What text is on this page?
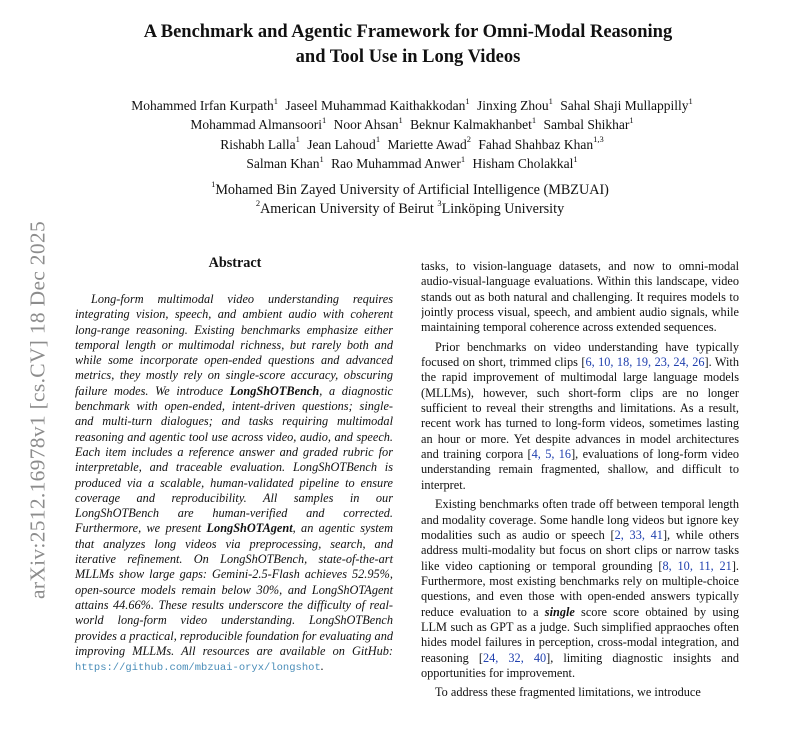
arXiv:2512.16978v1 [cs.CV] 18 Dec 2025
A Benchmark and Agentic Framework for Omni-Modal Reasoning
and Tool Use in Long Videos
Mohammed Irfan Kurpath$^1$ Jaseel Muhammad Kaithakkodan$^1$ Jinxing Zhou$^1$ Sahal Shaji Mullappilly$^1$
Mohammad Almansoori$^1$ Noor Ahsan$^1$ Beknur Kalmakhanbet$^1$ Sambal Shikhar$^1$
Rishabh Lalla$^1$ Jean Lahoud$^1$ Mariette Awad$^2$ Fahad Shahbaz Khan$^{1,3}$
Salman Khan$^1$ Rao Muhammad Anwer$^1$ Hisham Cholakkal$^1$
$^1$Mohamed Bin Zayed University of Artificial Intelligence (MBZUAI)
$^2$American University of Beirut $^3$Linköping University
Abstract

Long-form multimodal video understanding requires integrating vision, speech, and ambient audio with coherent long-range reasoning. Existing benchmarks emphasize either temporal length or multimodal richness, but rarely both and while some incorporate open-ended questions and advanced metrics, they mostly rely on single-score accuracy, obscuring failure modes. We introduce LongShOTBench, a diagnostic benchmark with open-ended, intent-driven questions; single- and multi-turn dialogues; and tasks requiring multimodal reasoning and agentic tool use across video, audio, and speech. Each item includes a reference answer and graded rubric for interpretable, and traceable evaluation. LongShOTBench is produced via a scalable, human-validated pipeline to ensure coverage and reproducibility. All samples in our LongShOTBench are human-verified and corrected. Furthermore, we present LongShOTAgent, an agentic system that analyzes long videos via preprocessing, search, and iterative refinement. On LongShOTBench, state-of-the-art MLLMs show large gaps: Gemini-2.5-Flash achieves 52.95%, open-source models remain below 30%, and LongShOTAgent attains 44.66%. These results underscore the difficulty of real-world long-form video understanding. LongShOTBench provides a practical, reproducible foundation for evaluating and improving MLLMs. All resources are available on GitHub: https://github.com/mbzuai-oryx/longshot.

tasks, to vision-language datasets, and now to omni-modal audio-visual-language evaluations. Within this landscape, video stands out as both natural and challenging. It requires models to jointly process visual, speech, and ambient audio signals, while maintaining temporal coherence across extended sequences.

Prior benchmarks on video understanding have typically focused on short, trimmed clips [6, 10, 18, 19, 23, 24, 26]. With the rapid improvement of multimodal large language models (MLLMs), however, such short-form clips are no longer sufficient to reveal their strengths and limitations. As a result, recent work has turned to long-form videos, sometimes lasting an hour or more. Yet despite advances in model architectures and training corpora [4, 5, 16], evaluations of long-form video understanding remain fragmented, shallow, and difficult to interpret.

Existing benchmarks often trade off between temporal length and modality coverage. Some handle long videos but ignore key modalities such as audio or speech [2, 33, 41], while others address multi-modality but focus on short clips or narrow tasks like video captioning or temporal grounding [8, 10, 11, 21]. Furthermore, most existing benchmarks rely on multiple-choice questions, and even those with open-ended answers typically reduce evaluation to a single score score obtained by using LLM such as GPT as a judge. Such simplified appraoches often hides model failures in perception, cross-modal integration, and reasoning [24, 32, 40], limiting diagnostic insights and opportunities for improvement.

To address these fragmented limitations, we introduce
